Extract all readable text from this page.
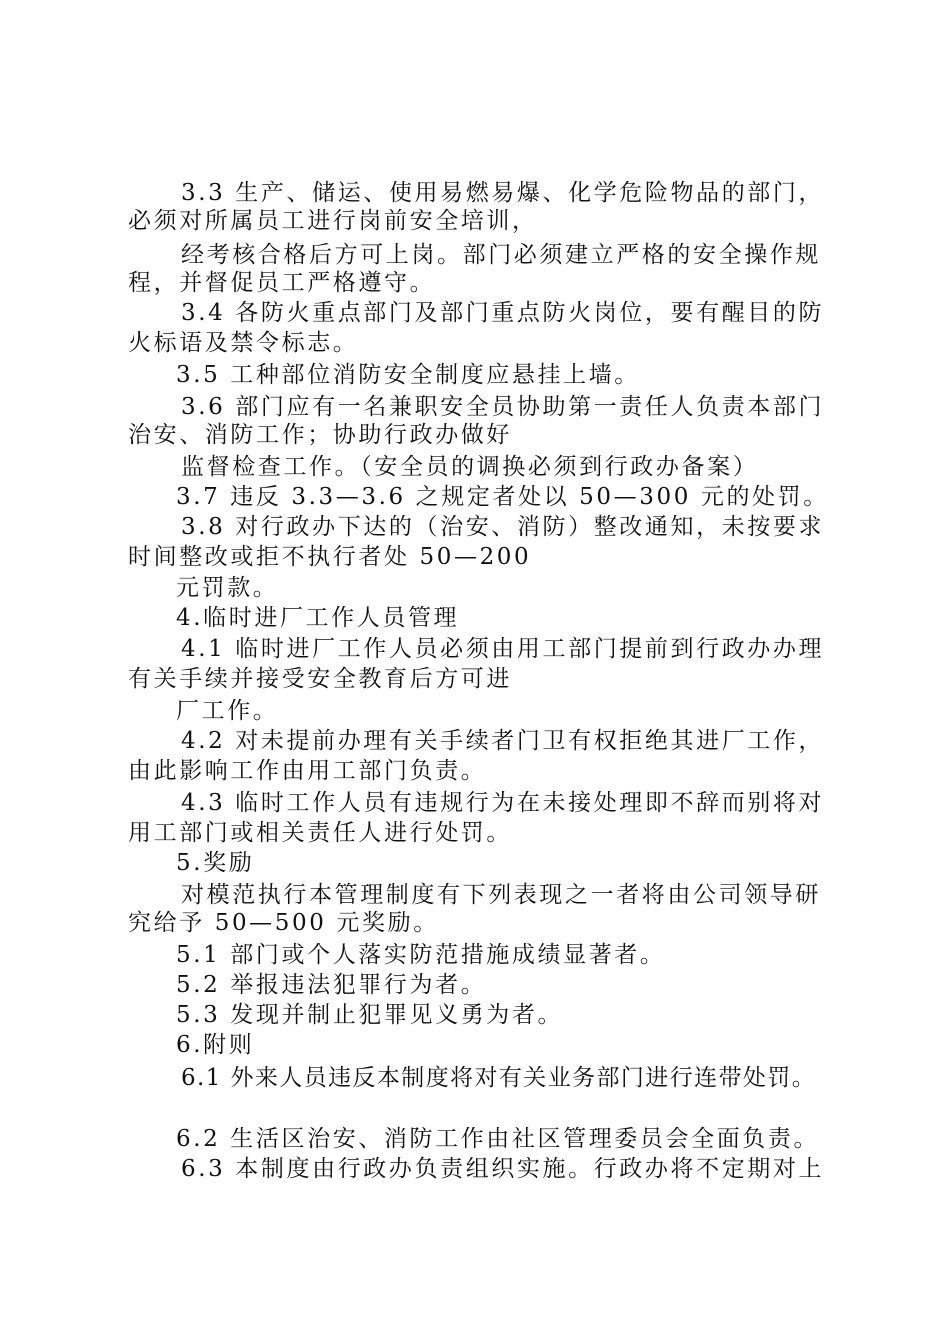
3.3 生产、储运、使用易燃易爆、化学危险物品的部门，
必须对所属员工进行岗前安全培训，
经考核合格后方可上岗。部门必须建立严格的安全操作规
程，并督促员工严格遵守。
3.4 各防火重点部门及部门重点防火岗位，要有醒目的防
火标语及禁令标志。
3.5 工种部位消防安全制度应悬挂上墙。
3.6 部门应有一名兼职安全员协助第一责任人负责本部门
治安、消防工作；协助行政办做好
监督检查工作。（安全员的调换必须到行政办备案）
3.7 违反 3.3—3.6 之规定者处以 50—300 元的处罚。
3.8 对行政办下达的（治安、消防）整改通知，未按要求
时间整改或拒不执行者处 50—200
元罚款。
4.临时进厂工作人员管理
4.1 临时进厂工作人员必须由用工部门提前到行政办办理
有关手续并接受安全教育后方可进
厂工作。
4.2 对未提前办理有关手续者门卫有权拒绝其进厂工作，
由此影响工作由用工部门负责。
4.3 临时工作人员有违规行为在未接处理即不辞而别将对
用工部门或相关责任人进行处罚。
5.奖励
对模范执行本管理制度有下列表现之一者将由公司领导研
究给予 50—500 元奖励。
5.1 部门或个人落实防范措施成绩显著者。
5.2 举报违法犯罪行为者。
5.3 发现并制止犯罪见义勇为者。
6.附则
6.1 外来人员违反本制度将对有关业务部门进行连带处罚。
6.2 生活区治安、消防工作由社区管理委员会全面负责。
6.3 本制度由行政办负责组织实施。行政办将不定期对上
